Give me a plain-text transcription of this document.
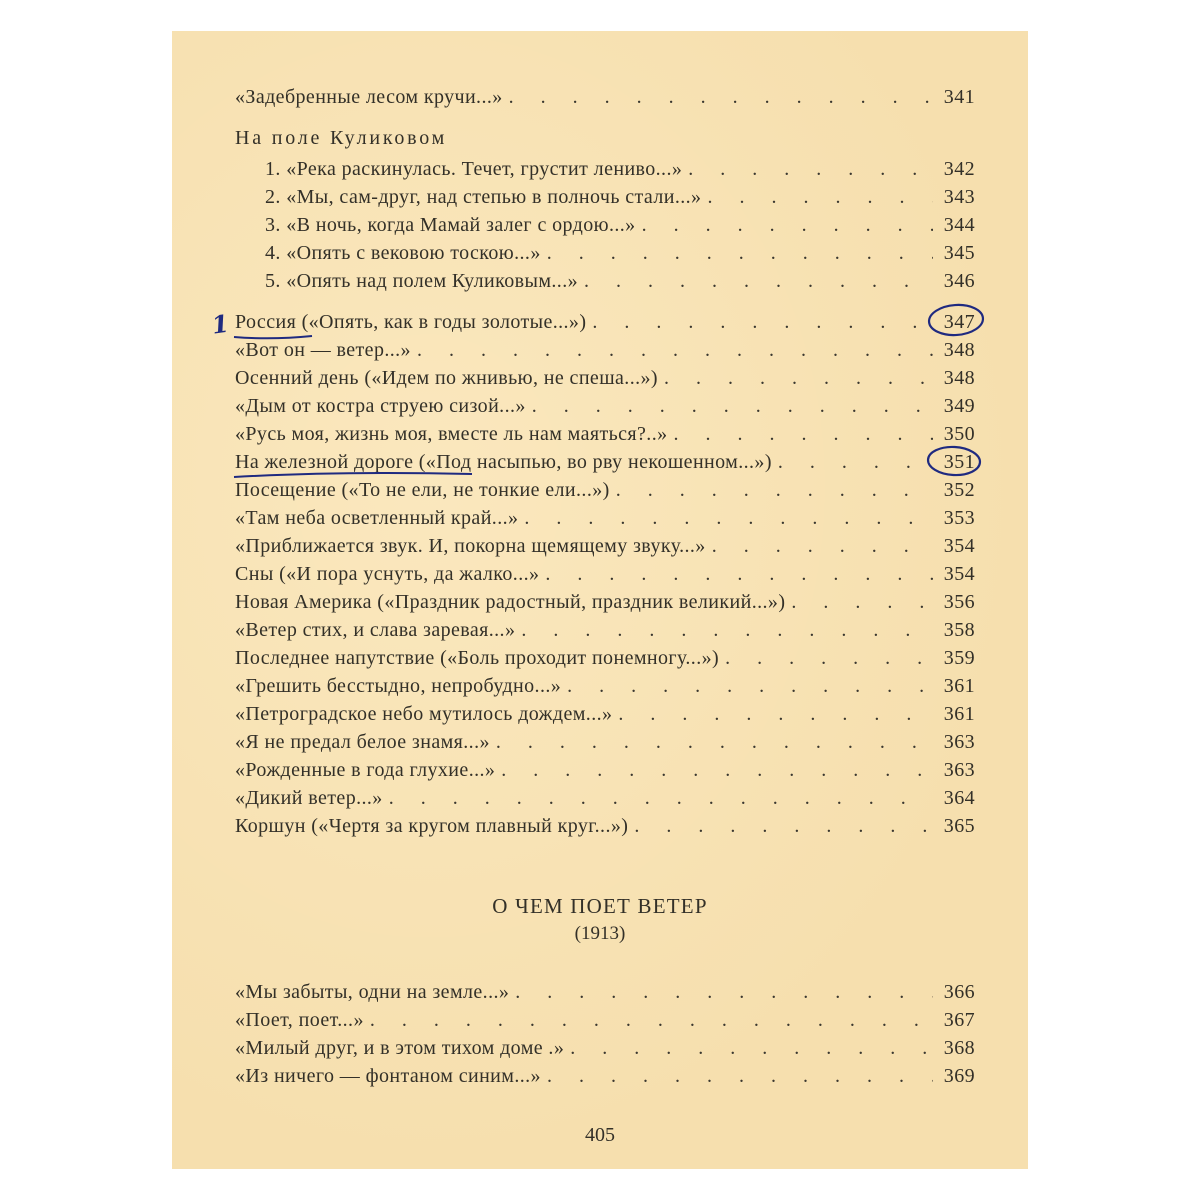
«Задебренные лесом кручи...» . . .	341
На поле Куликовом
1. «Река раскинулась. Течет, грустит лениво...» . . .	342
2. «Мы, сам-друг, над степью в полночь стали...» . . .	343
3. «В ночь, когда Мамай залег с ордою...» . . .	344
4. «Опять с вековою тоскою...» . . .	345
5. «Опять над полем Куликовым...» . . .	346
Россия («Опять, как в годы золотые...») . . .	347
«Вот он — ветер...» . . .	348
Осенний день («Идем по жнивью, не спеша...») . . .	348
«Дым от костра струею сизой...» . . .	349
«Русь моя, жизнь моя, вместе ль нам маяться?..» . . .	350
На железной дороге («Под насыпью, во рву некошенном...») . . .	351
Посещение («То не ели, не тонкие ели...») . . .	352
«Там неба осветленный край...» . . .	353
«Приближается звук. И, покорна щемящему звуку...» . . .	354
Сны («И пора уснуть, да жалко...» . . .	354
Новая Америка («Праздник радостный, праздник великий...») . . .	356
«Ветер стих, и слава заревая...» . . .	358
Последнее напутствие («Боль проходит понемногу...») . . .	359
«Грешить бесстыдно, непробудно...» . . .	361
«Петроградское небо мутилось дождем...» . . .	361
«Я не предал белое знамя...» . . .	363
«Рожденные в года глухие...» . . .	363
«Дикий ветер...» . . .	364
Коршун («Чертя за кругом плавный круг...») . . .	365
О ЧЕМ ПОЕТ ВЕТЕР
(1913)
«Мы забыты, одни на земле...» . . .	366
«Поет, поет...» . . .	367
«Милый друг, и в этом тихом доме .» . . .	368
«Из ничего — фонтаном синим...» . . .	369
405
1
